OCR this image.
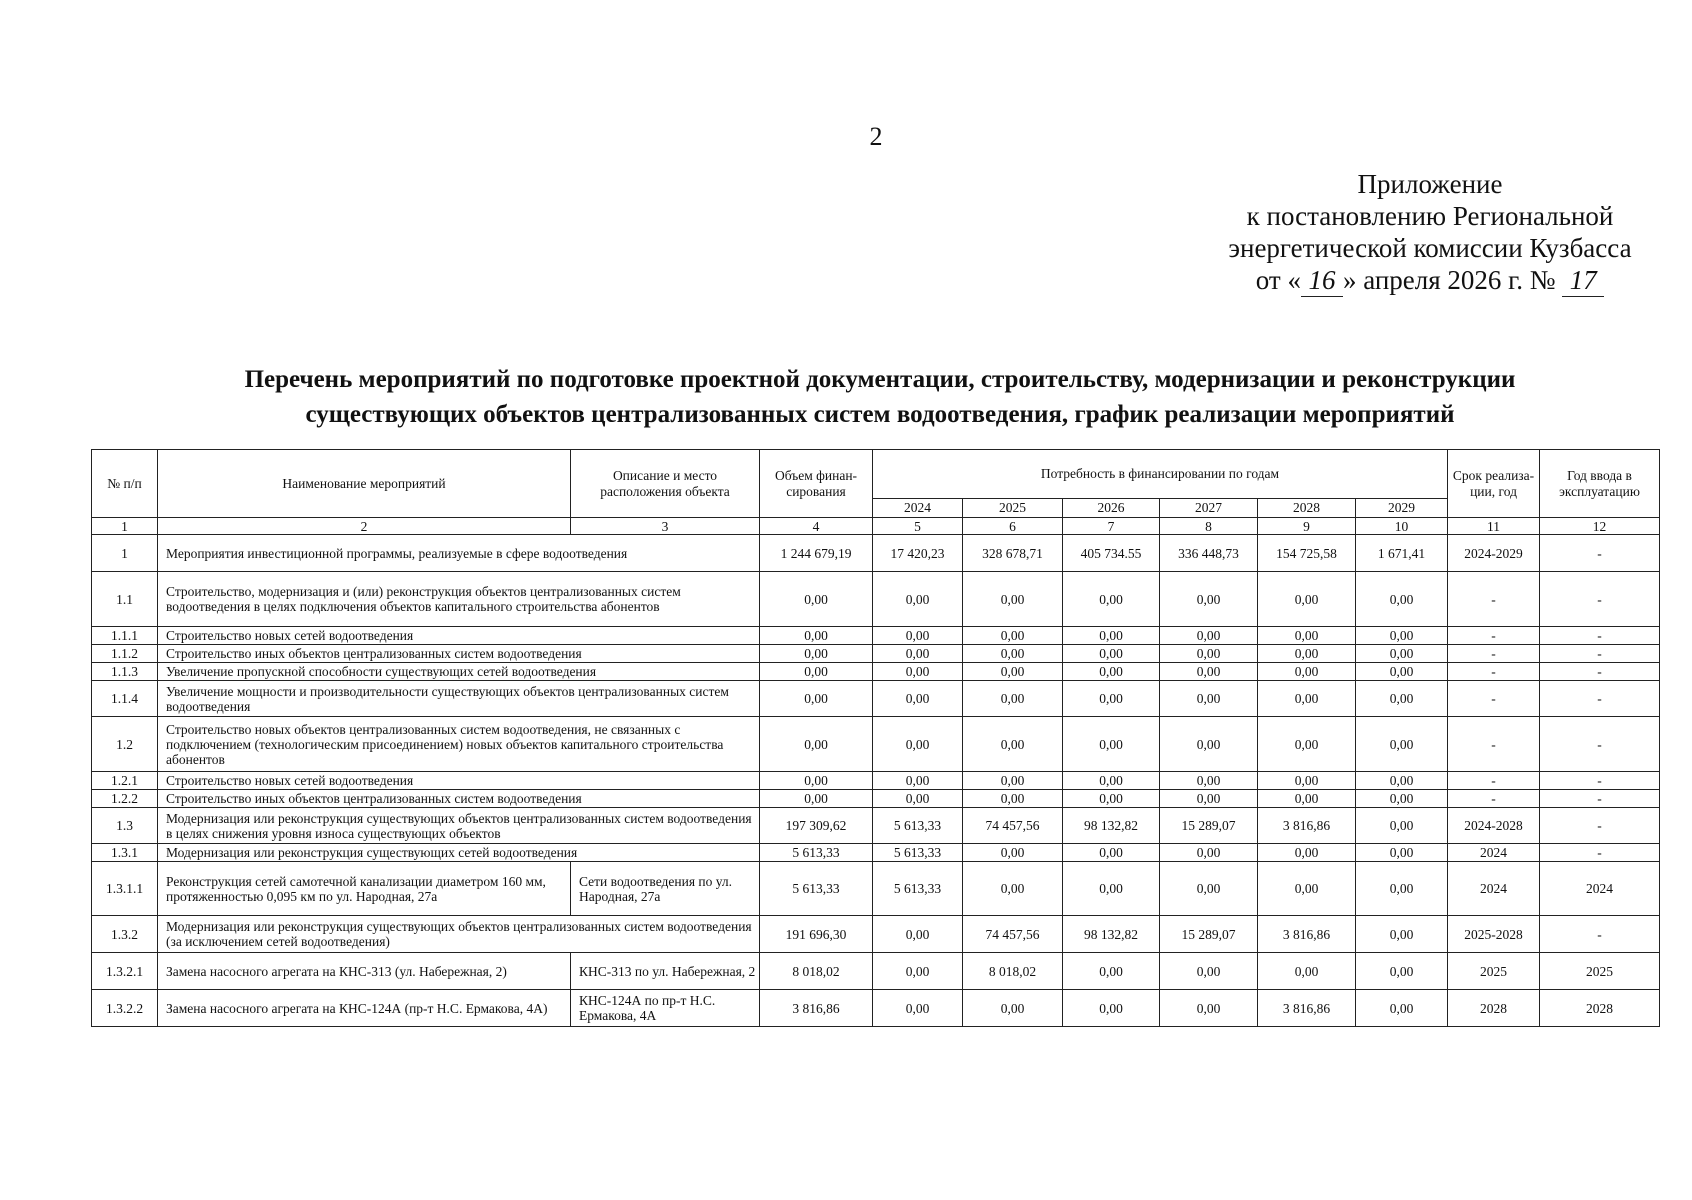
2
Приложение
к постановлению Региональной
энергетической комиссии Кузбасса
от « 16 » апреля 2026 г. № 17
Перечень мероприятий по подготовке проектной документации, строительству, модернизации и реконструкции
существующих объектов централизованных систем водоотведения, график реализации мероприятий
№ п/п	Наименование мероприятий	Описание и место расположения объекта	Объем финан-сирования	Потребность в финансировании по годам						Срок реализа-ции, год	Год ввода в эксплуатацию
				2024	2025	2026	2027	2028	2029		
1	2	3	4	5	6	7	8	9	10	11	12
1	Мероприятия инвестиционной программы, реализуемые в сфере водоотведения		1 244 679,19	17 420,23	328 678,71	405 734.55	336 448,73	154 725,58	1 671,41	2024-2029	-
1.1	Строительство, модернизация и (или) реконструкция объектов централизованных систем водоотведения в целях подключения объектов капитального строительства абонентов		0,00	0,00	0,00	0,00	0,00	0,00	0,00	-	-
1.1.1	Строительство новых сетей водоотведения		0,00	0,00	0,00	0,00	0,00	0,00	0,00	-	-
1.1.2	Строительство иных объектов централизованных систем водоотведения		0,00	0,00	0,00	0,00	0,00	0,00	0,00	-	-
1.1.3	Увеличение пропускной способности существующих сетей водоотведения		0,00	0,00	0,00	0,00	0,00	0,00	0,00	-	-
1.1.4	Увеличение мощности и производительности существующих объектов централизованных систем водоотведения		0,00	0,00	0,00	0,00	0,00	0,00	0,00	-	-
1.2	Строительство новых объектов централизованных систем водоотведения, не связанных с подключением (технологическим присоединением) новых объектов капитального строительства абонентов		0,00	0,00	0,00	0,00	0,00	0,00	0,00	-	-
1.2.1	Строительство новых сетей водоотведения		0,00	0,00	0,00	0,00	0,00	0,00	0,00	-	-
1.2.2	Строительство иных объектов централизованных систем водоотведения		0,00	0,00	0,00	0,00	0,00	0,00	0,00	-	-
1.3	Модернизация или реконструкция существующих объектов централизованных систем водоотведения в целях снижения уровня износа существующих объектов		197 309,62	5 613,33	74 457,56	98 132,82	15 289,07	3 816,86	0,00	2024-2028	-
1.3.1	Модернизация или реконструкция существующих сетей водоотведения		5 613,33	5 613,33	0,00	0,00	0,00	0,00	0,00	2024	-
1.3.1.1	Реконструкция сетей самотечной канализации диаметром 160 мм, протяженностью 0,095 км по ул. Народная, 27а	Сети водоотведения по ул. Народная, 27а	5 613,33	5 613,33	0,00	0,00	0,00	0,00	0,00	2024	2024
1.3.2	Модернизация или реконструкция существующих объектов централизованных систем водоотведения (за исключением сетей водоотведения)		191 696,30	0,00	74 457,56	98 132,82	15 289,07	3 816,86	0,00	2025-2028	-
1.3.2.1	Замена насосного агрегата на КНС-313 (ул. Набережная, 2)	КНС-313 по ул. Набережная, 2	8 018,02	0,00	8 018,02	0,00	0,00	0,00	0,00	2025	2025
1.3.2.2	Замена насосного агрегата на КНС-124А (пр-т Н.С. Ермакова, 4А)	КНС-124А по пр-т Н.С. Ермакова, 4А	3 816,86	0,00	0,00	0,00	0,00	3 816,86	0,00	2028	2028
